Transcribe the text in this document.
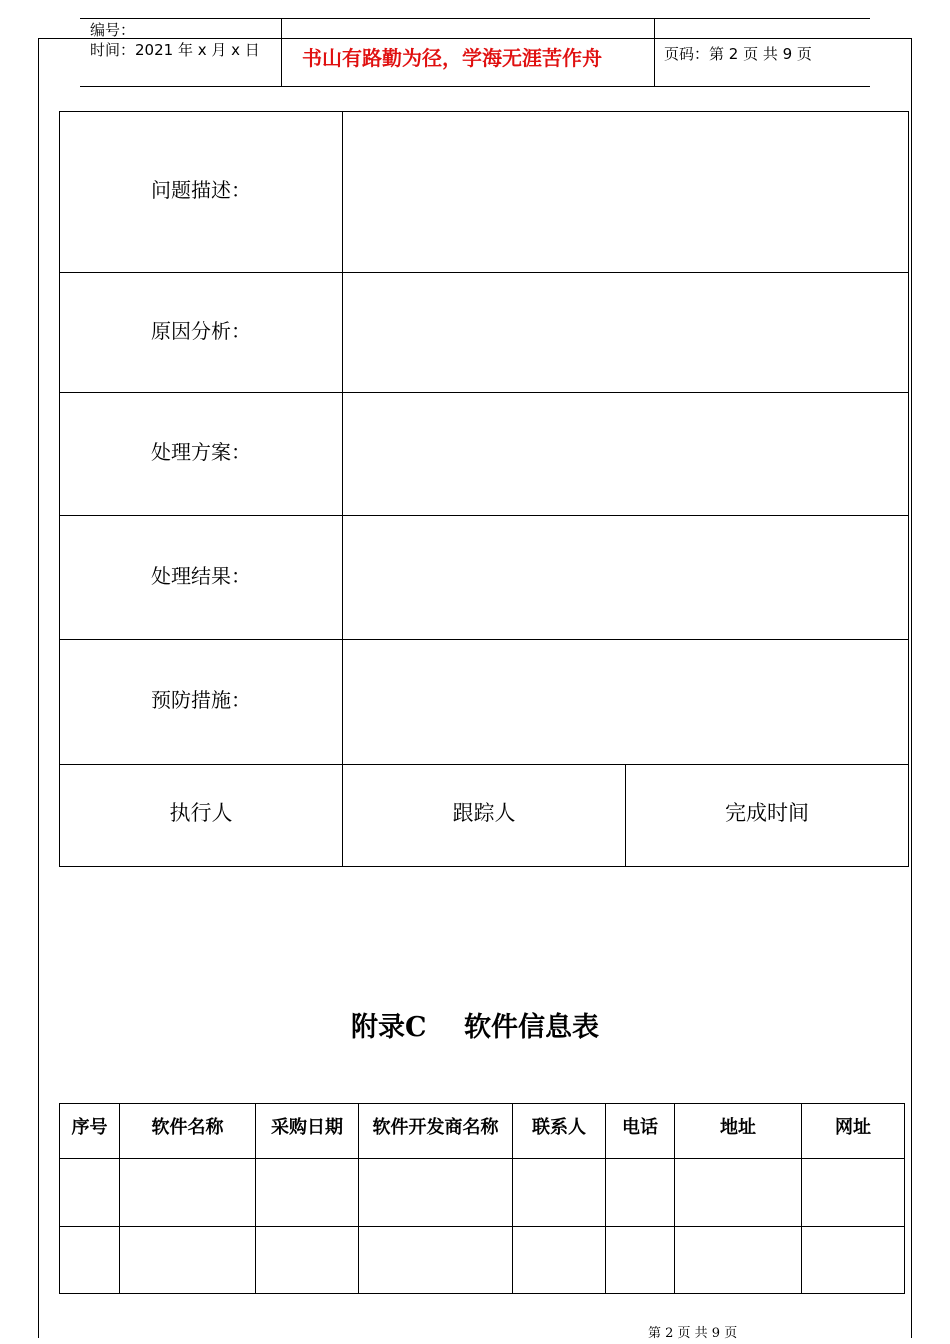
编号：
时间：2021 年 x 月 x 日 书山有路勤为径，学海无涯苦作舟	页码：第 2 页 共 9 页
问题描述：
原因分析：
处理方案：
处理结果：
预防措施：
执行人	跟踪人	完成时间
附录C    软件信息表
序号	软件名称	采购日期	软件开发商名称	联系人	电话	地址	网址
第 2 页 共 9 页
